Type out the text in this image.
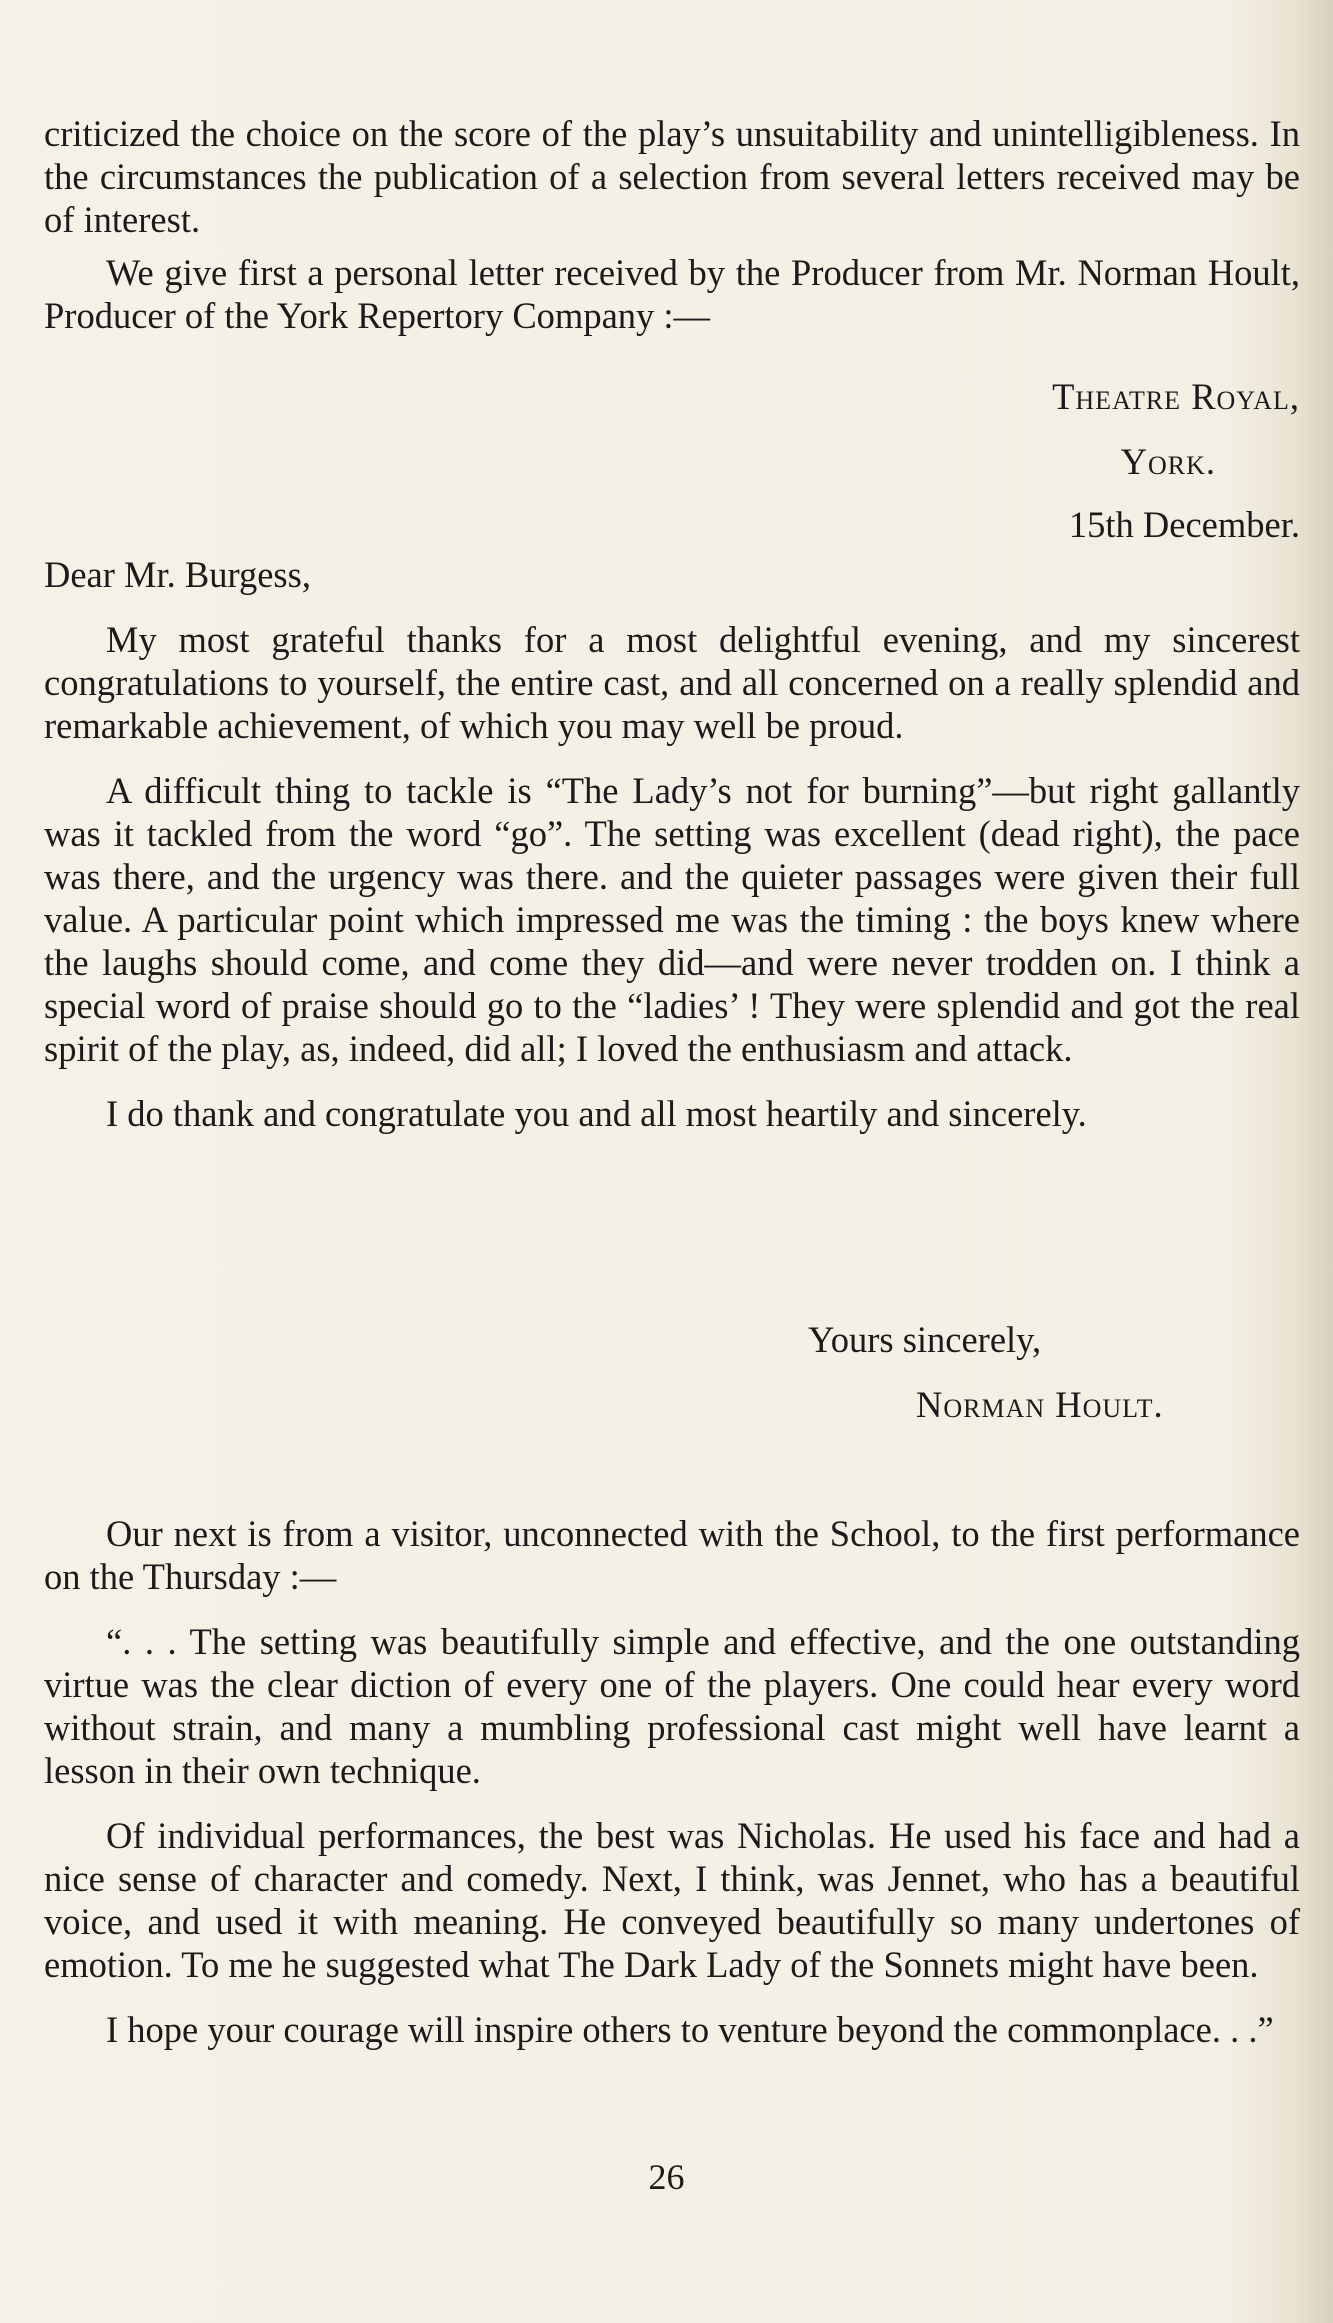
criticized the choice on the score of the play’s unsuitability and unintelligibleness. In the circumstances the publication of a selection from several letters received may be of interest.

We give first a personal letter received by the Producer from Mr. Norman Hoult, Producer of the York Repertory Company :—

Theatre Royal,

York.

15th December.

Dear Mr. Burgess,

My most grateful thanks for a most delightful evening, and my sincerest congratulations to yourself, the entire cast, and all concerned on a really splendid and remarkable achievement, of which you may well be proud.

A difficult thing to tackle is “The Lady’s not for burning”—but right gallantly was it tackled from the word “go”. The setting was excellent (dead right), the pace was there, and the urgency was there. and the quieter passages were given their full value. A particular point which impressed me was the timing : the boys knew where the laughs should come, and come they did—and were never trodden on. I think a special word of praise should go to the “ladies’ ! They were splendid and got the real spirit of the play, as, indeed, did all; I loved the enthusiasm and attack.

I do thank and congratulate you and all most heartily and sincerely.

Yours sincerely,

Norman Hoult.

Our next is from a visitor, unconnected with the School, to the first performance on the Thursday :—

“. . . The setting was beautifully simple and effective, and the one outstanding virtue was the clear diction of every one of the players. One could hear every word without strain, and many a mumbling professional cast might well have learnt a lesson in their own technique.

Of individual performances, the best was Nicholas. He used his face and had a nice sense of character and comedy. Next, I think, was Jennet, who has a beautiful voice, and used it with meaning. He conveyed beautifully so many undertones of emotion. To me he suggested what The Dark Lady of the Sonnets might have been.

I hope your courage will inspire others to venture beyond the commonplace. . .”

26
